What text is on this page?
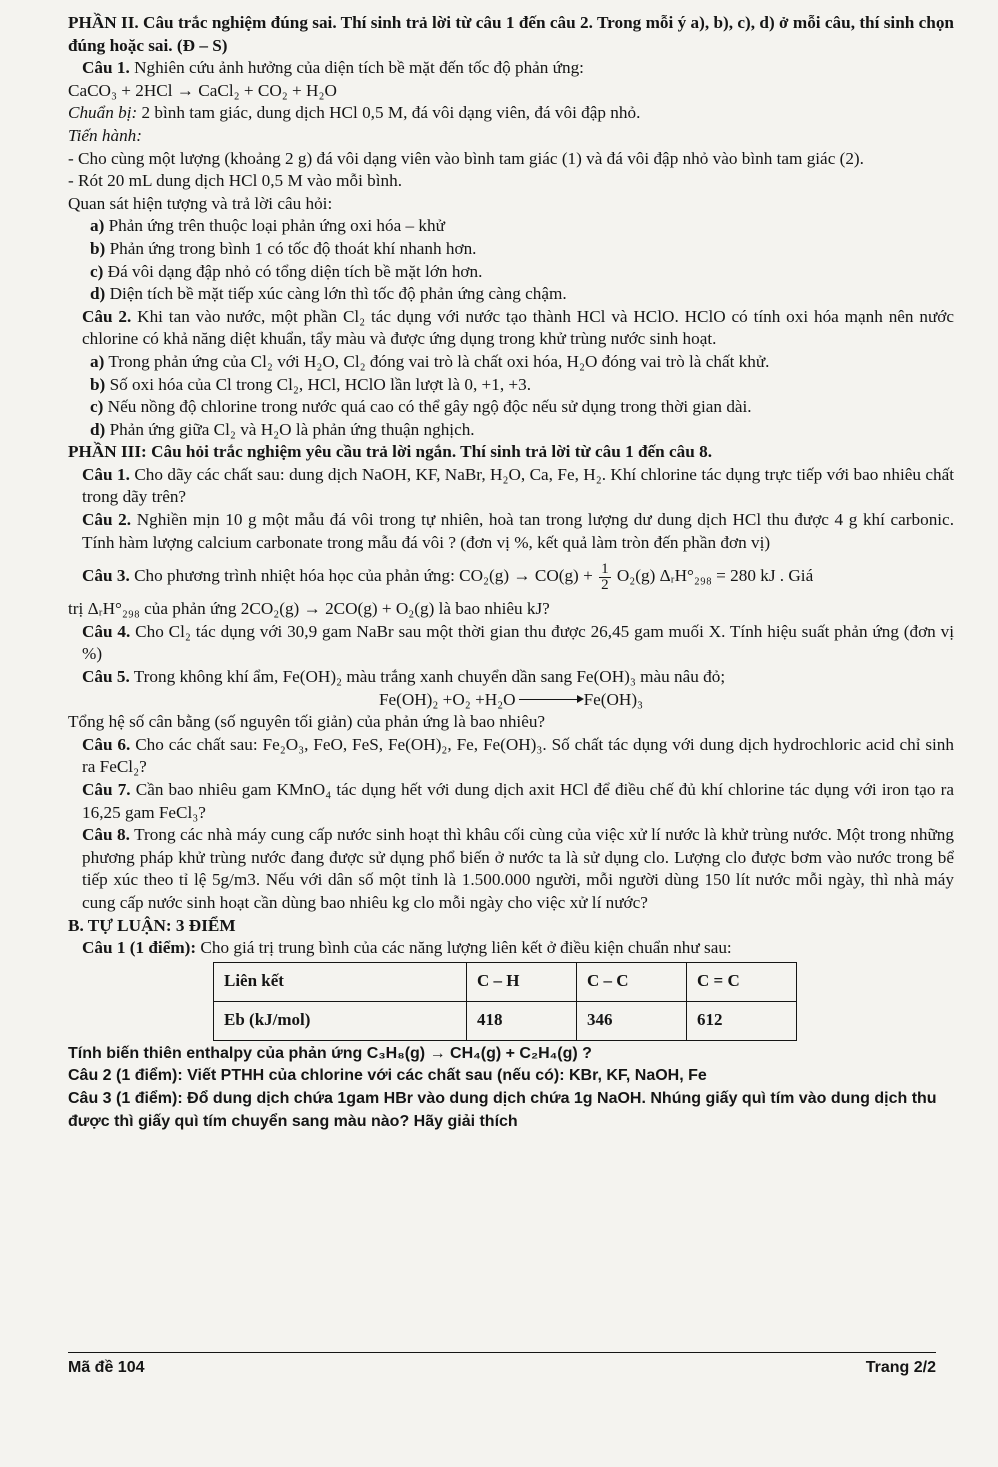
PHẦN II. Câu trắc nghiệm đúng sai. Thí sinh trả lời từ câu 1 đến câu 2. Trong mỗi ý a), b), c), d) ở mỗi câu, thí sinh chọn đúng hoặc sai. (Đ – S)

Câu 1. Nghiên cứu ảnh hưởng của diện tích bề mặt đến tốc độ phản ứng:

CaCO₃ + 2HCl → CaCl₂ + CO₂ + H₂O

Chuẩn bị: 2 bình tam giác, dung dịch HCl 0,5 M, đá vôi dạng viên, đá vôi đập nhỏ.

Tiến hành:

- Cho cùng một lượng (khoảng 2 g) đá vôi dạng viên vào bình tam giác (1) và đá vôi đập nhỏ vào bình tam giác (2).

- Rót 20 mL dung dịch HCl 0,5 M vào mỗi bình.

Quan sát hiện tượng và trả lời câu hỏi:

a) Phản ứng trên thuộc loại phản ứng oxi hóa – khử

b) Phản ứng trong bình 1 có tốc độ thoát khí nhanh hơn.

c) Đá vôi dạng đập nhỏ có tổng diện tích bề mặt lớn hơn.

d) Diện tích bề mặt tiếp xúc càng lớn thì tốc độ phản ứng càng chậm.

Câu 2. Khi tan vào nước, một phần Cl₂ tác dụng với nước tạo thành HCl và HClO. HClO có tính oxi hóa mạnh nên nước chlorine có khả năng diệt khuẩn, tẩy màu và được ứng dụng trong khử trùng nước sinh hoạt.

a) Trong phản ứng của Cl₂ với H₂O, Cl₂ đóng vai trò là chất oxi hóa, H₂O đóng vai trò là chất khử.

b) Số oxi hóa của Cl trong Cl₂, HCl, HClO lần lượt là 0, +1, +3.

c) Nếu nồng độ chlorine trong nước quá cao có thể gây ngộ độc nếu sử dụng trong thời gian dài.

d) Phản ứng giữa Cl₂ và H₂O là phản ứng thuận nghịch.

PHẦN III: Câu hỏi trắc nghiệm yêu cầu trả lời ngắn. Thí sinh trả lời từ câu 1 đến câu 8.

Câu 1. Cho dãy các chất sau: dung dịch NaOH, KF, NaBr, H₂O, Ca, Fe, H₂. Khí chlorine tác dụng trực tiếp với bao nhiêu chất trong dãy trên?

Câu 2. Nghiền mịn 10 g một mẫu đá vôi trong tự nhiên, hoà tan trong lượng dư dung dịch HCl thu được 4 g khí carbonic. Tính hàm lượng calcium carbonate trong mẫu đá vôi ? (đơn vị %, kết quả làm tròn đến phần đơn vị)

Câu 3. Cho phương trình nhiệt hóa học của phản ứng: $CO_2(g) \to CO(g) + \frac{1}{2} O_2(g)$ ΔᵣH°₂₉₈ = 280 kJ . Giá

trị ΔᵣH°₂₉₈ của phản ứng 2CO₂(g) → 2CO(g) + O₂(g) là bao nhiêu kJ?

Câu 4. Cho Cl₂ tác dụng với 30,9 gam NaBr sau một thời gian thu được 26,45 gam muối X. Tính hiệu suất phản ứng (đơn vị %)

Câu 5. Trong không khí ẩm, Fe(OH)₂ màu trắng xanh chuyển dần sang Fe(OH)₃ màu nâu đỏ;

Fe(OH)₂ +O₂ +H₂O	Fe(OH)₃

Tổng hệ số cân bằng (số nguyên tối giản) của phản ứng là bao nhiêu?

Câu 6. Cho các chất sau: Fe₂O₃, FeO, FeS, Fe(OH)₂, Fe, Fe(OH)₃. Số chất tác dụng với dung dịch hydrochloric acid chỉ sinh ra FeCl₂?

Câu 7. Cần bao nhiêu gam KMnO₄ tác dụng hết với dung dịch axit HCl để điều chế đủ khí chlorine tác dụng với iron tạo ra 16,25 gam FeCl₃?

Câu 8. Trong các nhà máy cung cấp nước sinh hoạt thì khâu cối cùng của việc xử lí nước là khử trùng nước. Một trong những phương pháp khử trùng nước đang được sử dụng phổ biến ở nước ta là sử dụng clo. Lượng clo được bơm vào nước trong bể tiếp xúc theo tỉ lệ 5g/m3. Nếu với dân số một tỉnh là 1.500.000 người, mỗi người dùng 150 lít nước mỗi ngày, thì nhà máy cung cấp nước sinh hoạt cần dùng bao nhiêu kg clo mỗi ngày cho việc xử lí nước?

B. TỰ LUẬN: 3 ĐIỂM

Câu 1 (1 điểm): Cho giá trị trung bình của các năng lượng liên kết ở điều kiện chuẩn như sau:

Liên kết	C – H	C – C	C = C
Eb (kJ/mol)	418	346	612

Tính biến thiên enthalpy của phản ứng C₃H₈(g) → CH₄(g) + C₂H₄(g) ?

Câu 2 (1 điểm): Viết PTHH của chlorine với các chất sau (nếu có): KBr, KF, NaOH, Fe

Câu 3 (1 điểm): Đổ dung dịch chứa 1gam HBr vào dung dịch chứa 1g NaOH. Nhúng giấy quì tím vào dung dịch thu được thì giấy quì tím chuyển sang màu nào? Hãy giải thích

Mã đề 104	Trang 2/2
